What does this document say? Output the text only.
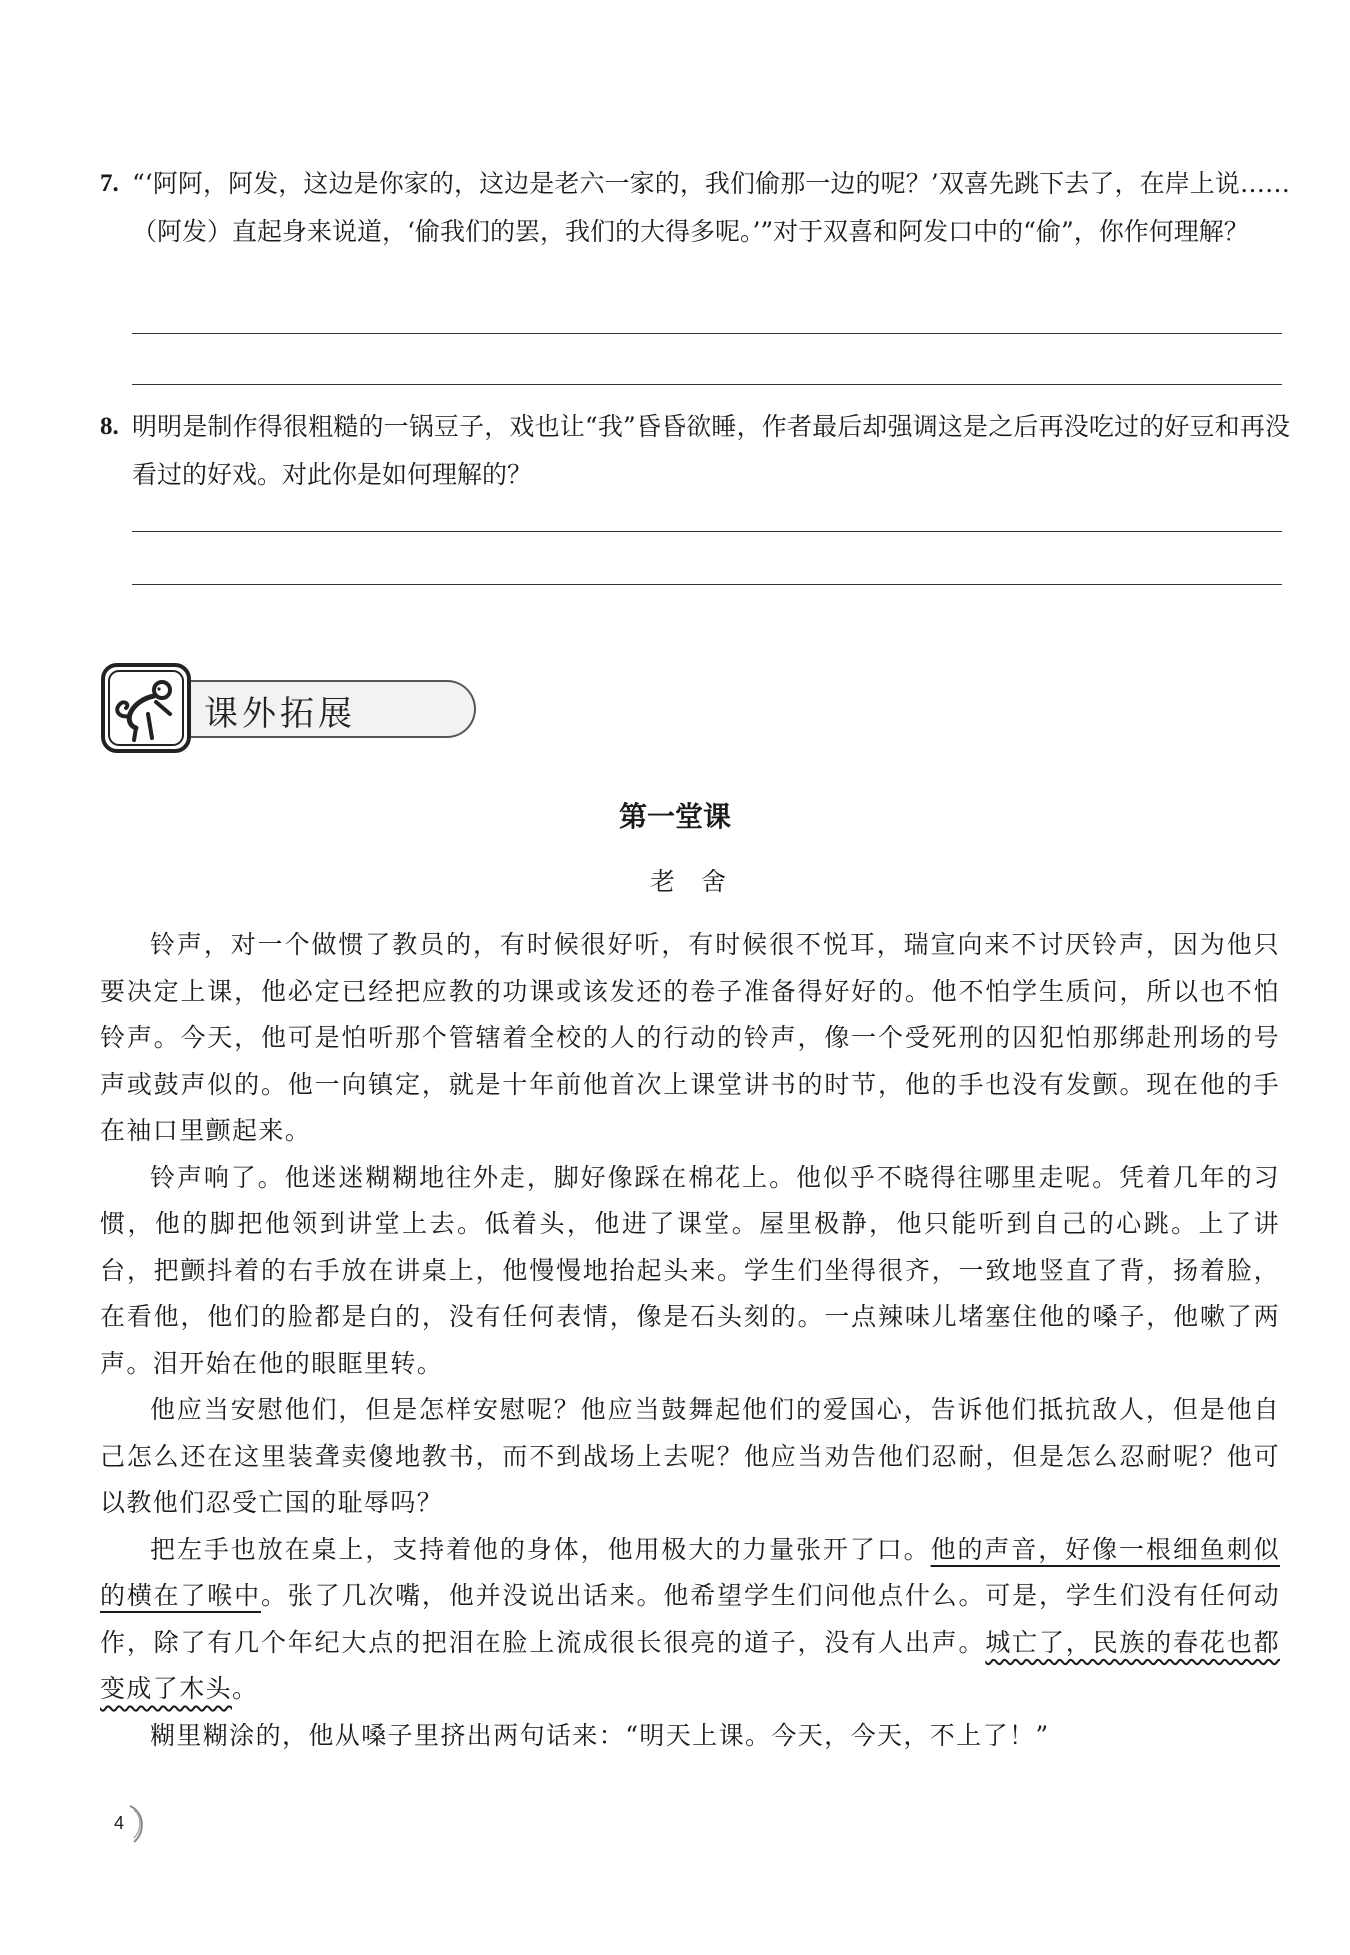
7. “‘阿阿，阿发，这边是你家的，这边是老六一家的，我们偷那一边的呢？’双喜先跳下去了，在岸上说……（阿发）直起身来说道，‘偷我们的罢，我们的大得多呢。’”对于双喜和阿发口中的“偷”，你作何理解？
8. 明明是制作得很粗糙的一锅豆子，戏也让“我”昏昏欲睡，作者最后却强调这是之后再没吃过的好豆和再没看过的好戏。对此你是如何理解的？
课外拓展
第一堂课
老舍

铃声，对一个做惯了教员的，有时候很好听，有时候很不悦耳，瑞宣向来不讨厌铃声，因为他只要决定上课，他必定已经把应教的功课或该发还的卷子准备得好好的。他不怕学生质问，所以也不怕铃声。今天，他可是怕听那个管辖着全校的人的行动的铃声，像一个受死刑的囚犯怕那绑赴刑场的号声或鼓声似的。他一向镇定，就是十年前他首次上课堂讲书的时节，他的手也没有发颤。现在他的手在袖口里颤起来。

铃声响了。他迷迷糊糊地往外走，脚好像踩在棉花上。他似乎不晓得往哪里走呢。凭着几年的习惯，他的脚把他领到讲堂上去。低着头，他进了课堂。屋里极静，他只能听到自己的心跳。上了讲台，把颤抖着的右手放在讲桌上，他慢慢地抬起头来。学生们坐得很齐，一致地竖直了背，扬着脸，在看他，他们的脸都是白的，没有任何表情，像是石头刻的。一点辣味儿堵塞住他的嗓子，他嗽了两声。泪开始在他的眼眶里转。

他应当安慰他们，但是怎样安慰呢？他应当鼓舞起他们的爱国心，告诉他们抵抗敌人，但是他自己怎么还在这里装聋卖傻地教书，而不到战场上去呢？他应当劝告他们忍耐，但是怎么忍耐呢？他可以教他们忍受亡国的耻辱吗？

把左手也放在桌上，支持着他的身体，他用极大的力量张开了口。他的声音，好像一根细鱼刺似的横在了喉中。张了几次嘴，他并没说出话来。他希望学生们问他点什么。可是，学生们没有任何动作，除了有几个年纪大点的把泪在脸上流成很长很亮的道子，没有人出声。城亡了，民族的春花也都变成了木头。

糊里糊涂的，他从嗓子里挤出两句话来：“明天上课。今天，今天，不上了！”

4
